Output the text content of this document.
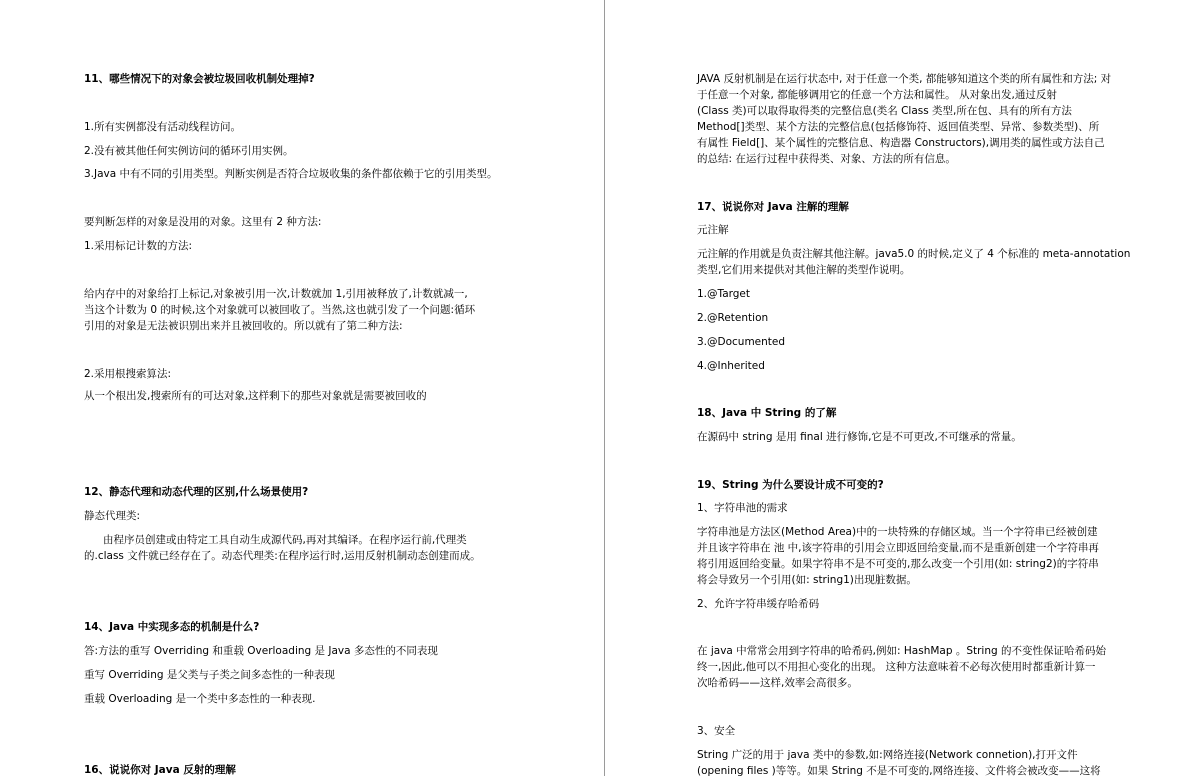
11、哪些情况下的对象会被垃圾回收机制处理掉?

1.所有实例都没有活动线程访问。

2.没有被其他任何实例访问的循环引用实例。

3.Java 中有不同的引用类型。判断实例是否符合垃圾收集的条件都依赖于它的引用类型。

要判断怎样的对象是没用的对象。这里有 2 种方法:

1.采用标记计数的方法:

给内存中的对象给打上标记,对象被引用一次,计数就加 1,引用被释放了,计数就减一,

当这个计数为 0 的时候,这个对象就可以被回收了。当然,这也就引发了一个问题:循环

引用的对象是无法被识别出来并且被回收的。所以就有了第二种方法:

2.采用根搜索算法:

从一个根出发,搜索所有的可达对象,这样剩下的那些对象就是需要被回收的

12、静态代理和动态代理的区别,什么场景使用?

静态代理类:

由程序员创建或由特定工具自动生成源代码,再对其编译。在程序运行前,代理类

的.class 文件就已经存在了。动态代理类:在程序运行时,运用反射机制动态创建而成。

14、Java 中实现多态的机制是什么?

答:方法的重写 Overriding 和重载 Overloading 是 Java 多态性的不同表现

重写 Overriding 是父类与子类之间多态性的一种表现

重载 Overloading 是一个类中多态性的一种表现.

16、说说你对 Java 反射的理解

JAVA 反射机制是在运行状态中, 对于任意一个类, 都能够知道这个类的所有属性和方法; 对

于任意一个对象, 都能够调用它的任意一个方法和属性。 从对象出发,通过反射

(Class 类)可以取得取得类的完整信息(类名 Class 类型,所在包、具有的所有方法

Method[]类型、某个方法的完整信息(包括修饰符、返回值类型、异常、参数类型)、所

有属性 Field[]、某个属性的完整信息、构造器 Constructors),调用类的属性或方法自己

的总结: 在运行过程中获得类、对象、方法的所有信息。

17、说说你对 Java 注解的理解

元注解

元注解的作用就是负责注解其他注解。java5.0 的时候,定义了 4 个标准的 meta-annotation

类型,它们用来提供对其他注解的类型作说明。

1.@Target

2.@Retention

3.@Documented

4.@Inherited

18、Java 中 String 的了解

在源码中 string 是用 final 进行修饰,它是不可更改,不可继承的常量。

19、String 为什么要设计成不可变的?

1、字符串池的需求

字符串池是方法区(Method Area)中的一块特殊的存储区域。当一个字符串已经被创建

并且该字符串在 池 中,该字符串的引用会立即返回给变量,而不是重新创建一个字符串再

将引用返回给变量。如果字符串不是不可变的,那么改变一个引用(如: string2)的字符串

将会导致另一个引用(如: string1)出现脏数据。

2、允许字符串缓存哈希码

在 java 中常常会用到字符串的哈希码,例如: HashMap 。String 的不变性保证哈希码始

终一,因此,他可以不用担心变化的出现。 这种方法意味着不必每次使用时都重新计算一

次哈希码——这样,效率会高很多。

3、安全

String 广泛的用于 java 类中的参数,如:网络连接(Network connetion),打开文件

(opening files )等等。如果 String 不是不可变的,网络连接、文件将会被改变——这将
